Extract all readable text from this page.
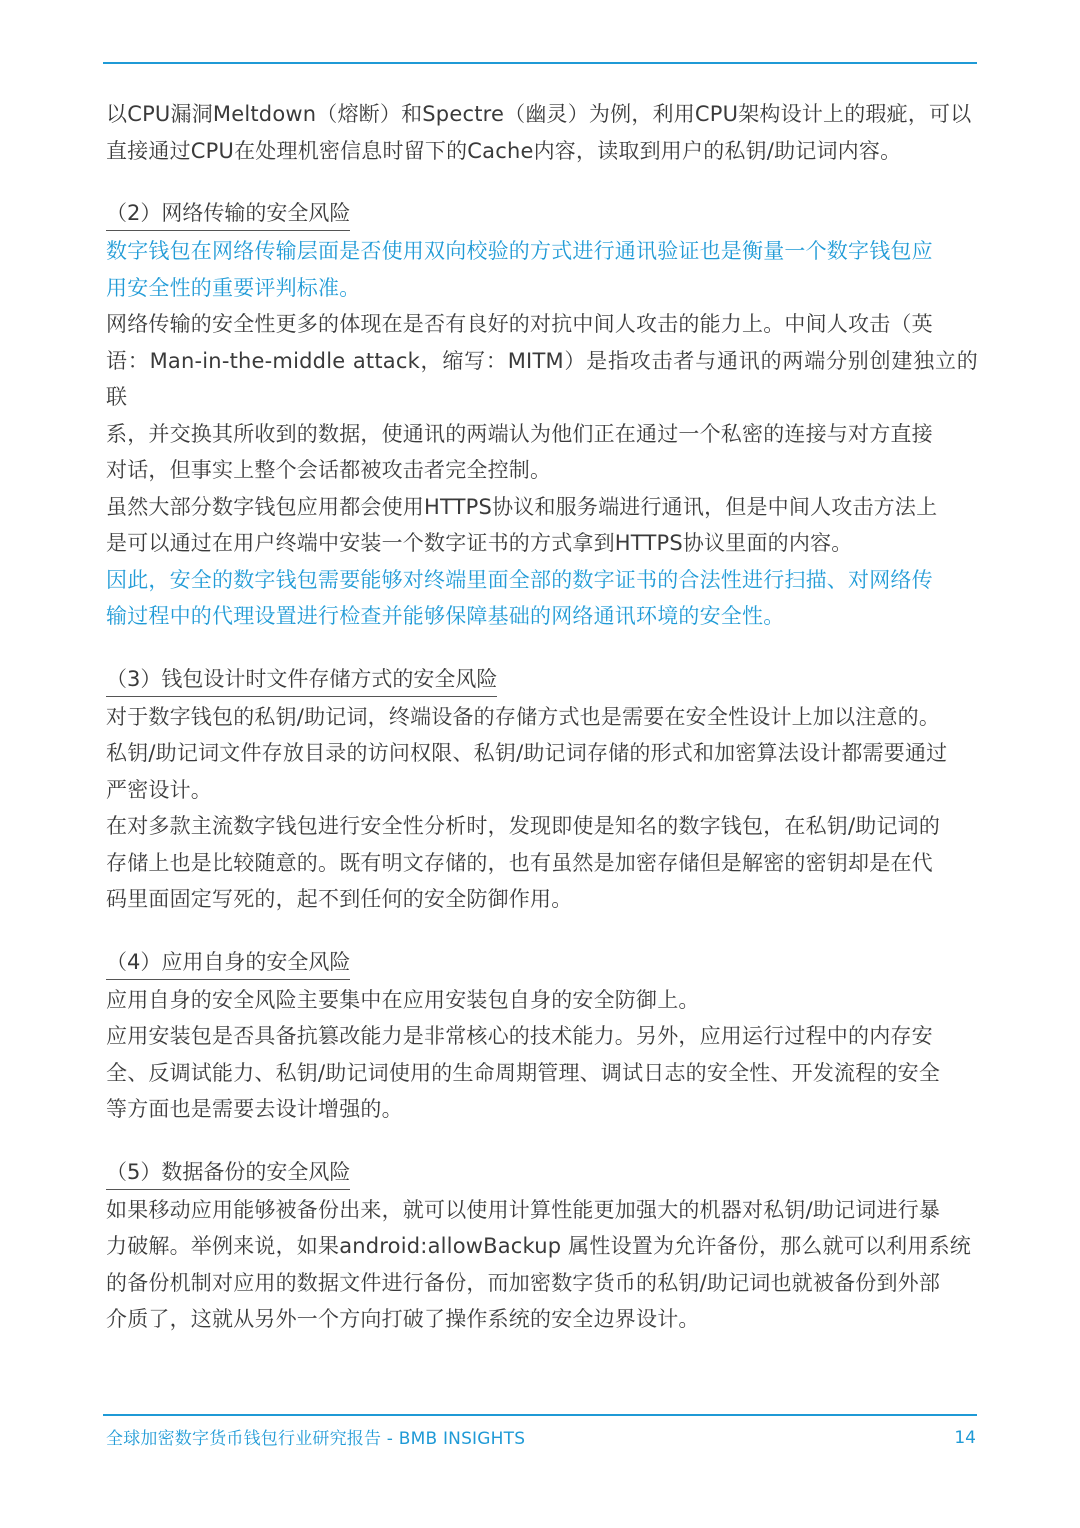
以CPU漏洞Meltdown（熔断）和Spectre（幽灵）为例，利用CPU架构设计上的瑕疵，可以
直接通过CPU在处理机密信息时留下的Cache内容，读取到用户的私钥/助记词内容。

（2）网络传输的安全风险

数字钱包在网络传输层面是否使用双向校验的方式进行通讯验证也是衡量一个数字钱包应
用安全性的重要评判标准。

网络传输的安全性更多的体现在是否有良好的对抗中间人攻击的能力上。中间人攻击（英
语：Man-in-the-middle attack，缩写：MITM）是指攻击者与通讯的两端分别创建独立的联
系，并交换其所收到的数据，使通讯的两端认为他们正在通过一个私密的连接与对方直接
对话，但事实上整个会话都被攻击者完全控制。

虽然大部分数字钱包应用都会使用HTTPS协议和服务端进行通讯，但是中间人攻击方法上
是可以通过在用户终端中安装一个数字证书的方式拿到HTTPS协议里面的内容。

因此，安全的数字钱包需要能够对终端里面全部的数字证书的合法性进行扫描、对网络传
输过程中的代理设置进行检查并能够保障基础的网络通讯环境的安全性。

（3）钱包设计时文件存储方式的安全风险

对于数字钱包的私钥/助记词，终端设备的存储方式也是需要在安全性设计上加以注意的。
私钥/助记词文件存放目录的访问权限、私钥/助记词存储的形式和加密算法设计都需要通过
严密设计。

在对多款主流数字钱包进行安全性分析时，发现即使是知名的数字钱包，在私钥/助记词的
存储上也是比较随意的。既有明文存储的，也有虽然是加密存储但是解密的密钥却是在代
码里面固定写死的，起不到任何的安全防御作用。

（4）应用自身的安全风险

应用自身的安全风险主要集中在应用安装包自身的安全防御上。

应用安装包是否具备抗篡改能力是非常核心的技术能力。另外，应用运行过程中的内存安
全、反调试能力、私钥/助记词使用的生命周期管理、调试日志的安全性、开发流程的安全
等方面也是需要去设计增强的。

（5）数据备份的安全风险

如果移动应用能够被备份出来，就可以使用计算性能更加强大的机器对私钥/助记词进行暴
力破解。举例来说，如果android:allowBackup 属性设置为允许备份，那么就可以利用系统
的备份机制对应用的数据文件进行备份，而加密数字货币的私钥/助记词也就被备份到外部
介质了，这就从另外一个方向打破了操作系统的安全边界设计。

全球加密数字货币钱包行业研究报告 - BMB INSIGHTS	14
